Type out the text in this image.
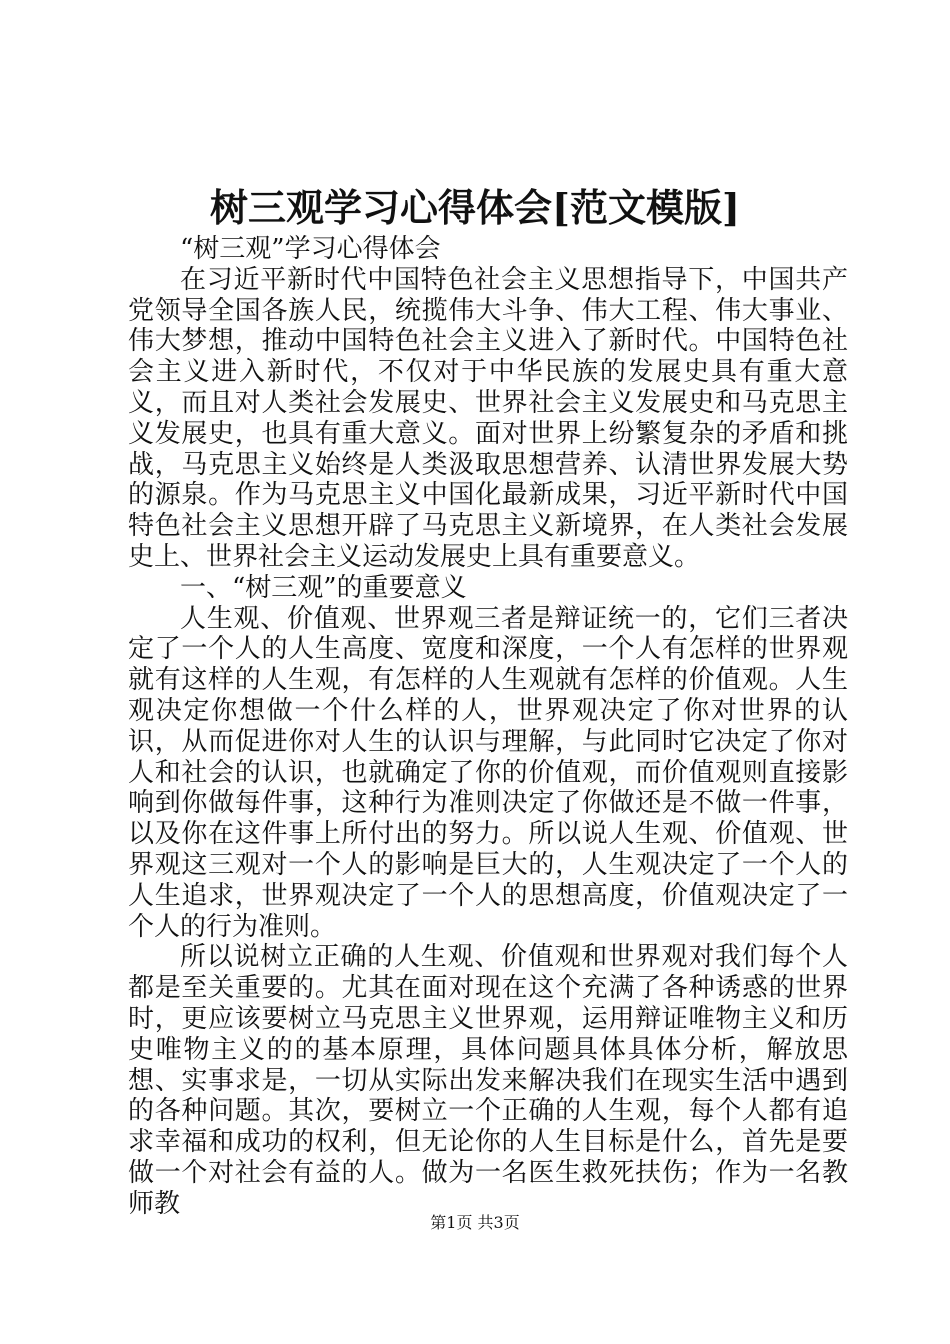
树三观学习心得体会[范文模版]

“树三观”学习心得体会

在习近平新时代中国特色社会主义思想指导下，中国共产党领导全国各族人民，统揽伟大斗争、伟大工程、伟大事业、伟大梦想，推动中国特色社会主义进入了新时代。中国特色社会主义进入新时代，不仅对于中华民族的发展史具有重大意义，而且对人类社会发展史、世界社会主义发展史和马克思主义发展史，也具有重大意义。面对世界上纷繁复杂的矛盾和挑战，马克思主义始终是人类汲取思想营养、认清世界发展大势的源泉。作为马克思主义中国化最新成果，习近平新时代中国特色社会主义思想开辟了马克思主义新境界，在人类社会发展史上、世界社会主义运动发展史上具有重要意义。

一、“树三观”的重要意义

人生观、价值观、世界观三者是辩证统一的，它们三者决定了一个人的人生高度、宽度和深度，一个人有怎样的世界观就有这样的人生观，有怎样的人生观就有怎样的价值观。人生观决定你想做一个什么样的人，世界观决定了你对世界的认识，从而促进你对人生的认识与理解，与此同时它决定了你对人和社会的认识，也就确定了你的价值观，而价值观则直接影响到你做每件事，这种行为准则决定了你做还是不做一件事，以及你在这件事上所付出的努力。所以说人生观、价值观、世界观这三观对一个人的影响是巨大的，人生观决定了一个人的人生追求，世界观决定了一个人的思想高度，价值观决定了一个人的行为准则。

所以说树立正确的人生观、价值观和世界观对我们每个人都是至关重要的。尤其在面对现在这个充满了各种诱惑的世界时，更应该要树立马克思主义世界观，运用辩证唯物主义和历史唯物主义的的基本原理，具体问题具体具体分析，解放思想、实事求是，一切从实际出发来解决我们在现实生活中遇到的各种问题。其次，要树立一个正确的人生观，每个人都有追求幸福和成功的权利，但无论你的人生目标是什么，首先是要做一个对社会有益的人。做为一名医生救死扶伤；作为一名教师教

第1页 共3页
